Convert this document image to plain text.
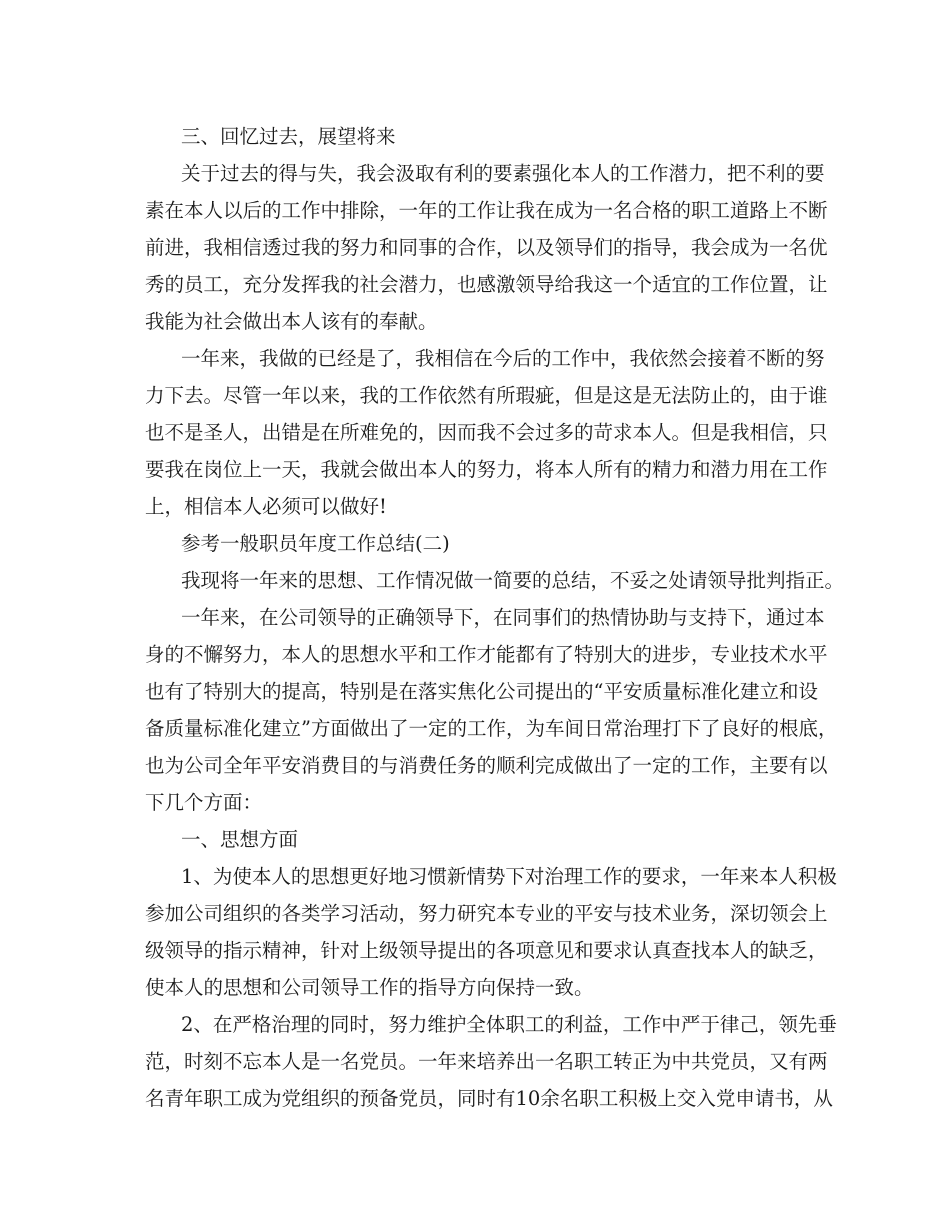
三、回忆过去，展望将来
关于过去的得与失，我会汲取有利的要素强化本人的工作潜力，把不利的要
素在本人以后的工作中排除，一年的工作让我在成为一名合格的职工道路上不断
前进，我相信透过我的努力和同事的合作，以及领导们的指导，我会成为一名优
秀的员工，充分发挥我的社会潜力，也感激领导给我这一个适宜的工作位置，让
我能为社会做出本人该有的奉献。
一年来，我做的已经是了，我相信在今后的工作中，我依然会接着不断的努
力下去。尽管一年以来，我的工作依然有所瑕疵，但是这是无法防止的，由于谁
也不是圣人，出错是在所难免的，因而我不会过多的苛求本人。但是我相信，只
要我在岗位上一天，我就会做出本人的努力，将本人所有的精力和潜力用在工作
上，相信本人必须可以做好!
参考一般职员年度工作总结(二)
我现将一年来的思想、工作情况做一简要的总结，不妥之处请领导批判指正。
一年来，在公司领导的正确领导下，在同事们的热情协助与支持下，通过本
身的不懈努力，本人的思想水平和工作才能都有了特别大的进步，专业技术水平
也有了特别大的提高，特别是在落实焦化公司提出的“平安质量标准化建立和设
备质量标准化建立”方面做出了一定的工作，为车间日常治理打下了良好的根底，
也为公司全年平安消费目的与消费任务的顺利完成做出了一定的工作，主要有以
下几个方面：
一、思想方面
1、为使本人的思想更好地习惯新情势下对治理工作的要求，一年来本人积极
参加公司组织的各类学习活动，努力研究本专业的平安与技术业务，深切领会上
级领导的指示精神，针对上级领导提出的各项意见和要求认真查找本人的缺乏，
使本人的思想和公司领导工作的指导方向保持一致。
2、在严格治理的同时，努力维护全体职工的利益，工作中严于律己，领先垂
范，时刻不忘本人是一名党员。一年来培养出一名职工转正为中共党员，又有两
名青年职工成为党组织的预备党员，同时有10余名职工积极上交入党申请书，从
